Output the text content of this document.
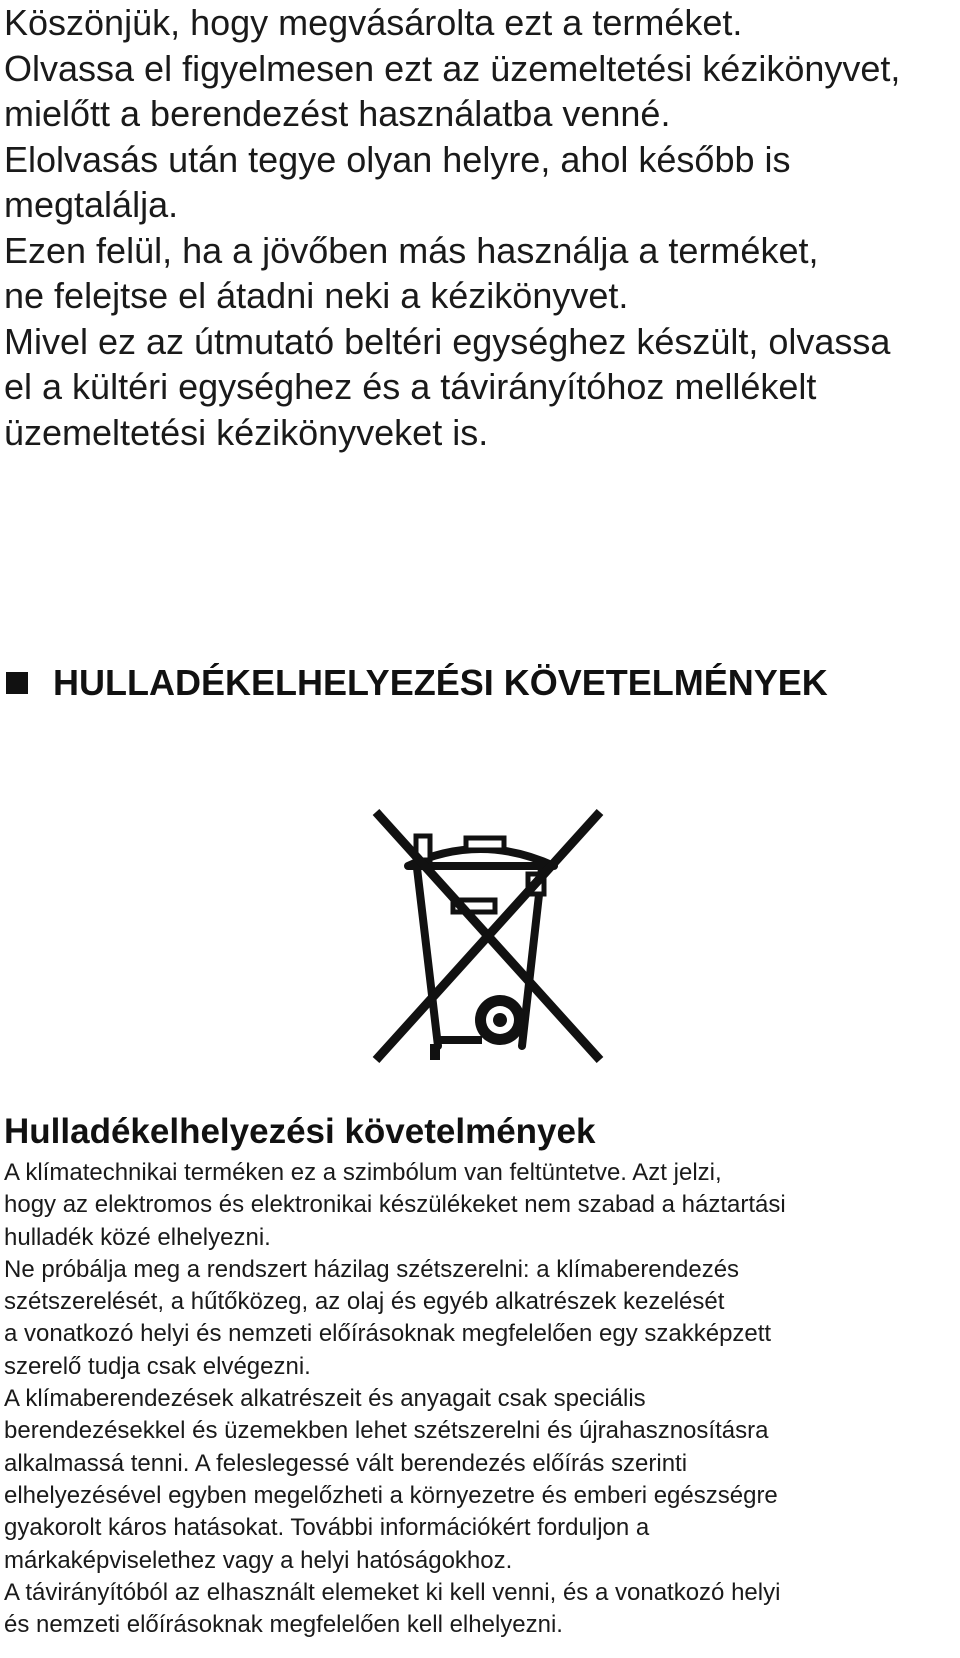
Köszönjük, hogy megvásárolta ezt a terméket.

Olvassa el figyelmesen ezt az üzemeltetési kézikönyvet,

mielőtt a berendezést használatba venné.

Elolvasás után tegye olyan helyre, ahol később is

megtalálja.

Ezen felül, ha a jövőben más használja a terméket,

ne felejtse el átadni neki a kézikönyvet.

Mivel ez az útmutató beltéri egységhez készült, olvassa

el a kültéri egységhez és a távirányítóhoz mellékelt

üzemeltetési kézikönyveket is.

HULLADÉKELHELYEZÉSI KÖVETELMÉNYEK
Hulladékelhelyezési követelmények

A klímatechnikai terméken ez a szimbólum van feltüntetve. Azt jelzi,

hogy az elektromos és elektronikai készülékeket nem szabad a háztartási

hulladék közé elhelyezni.

Ne próbálja meg a rendszert házilag szétszerelni: a klímaberendezés

szétszerelését, a hűtőközeg, az olaj és egyéb alkatrészek kezelését

a vonatkozó helyi és nemzeti előírásoknak megfelelően egy szakképzett

szerelő tudja csak elvégezni.

A klímaberendezések alkatrészeit és anyagait csak speciális

berendezésekkel és üzemekben lehet szétszerelni és újrahasznosításra

alkalmassá tenni. A feleslegessé vált berendezés előírás szerinti

elhelyezésével egyben megelőzheti a környezetre és emberi egészségre

gyakorolt káros hatásokat. További információkért forduljon a

márkaképviselethez vagy a helyi hatóságokhoz.

A távirányítóból az elhasznált elemeket ki kell venni, és a vonatkozó helyi

és nemzeti előírásoknak megfelelően kell elhelyezni.
